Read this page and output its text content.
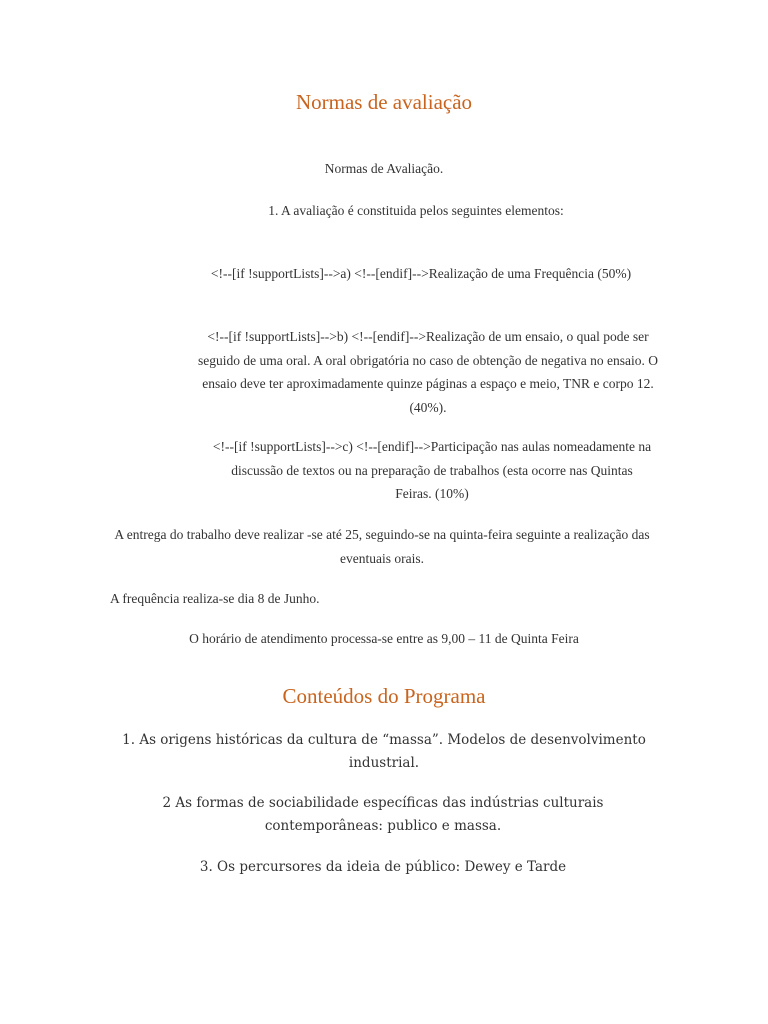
Normas de avaliação

Normas de Avaliação.

1. A avaliação é constituida pelos seguintes elementos:

<!--[if !supportLists]-->a) <!--[endif]-->Realização de uma Frequência (50%)

<!--[if !supportLists]-->b) <!--[endif]-->Realização de um ensaio, o qual pode ser seguido de uma oral. A oral obrigatória no caso de obtenção de negativa no ensaio. O ensaio deve ter aproximadamente quinze páginas a espaço e meio, TNR e corpo 12. (40%).

<!--[if !supportLists]-->c) <!--[endif]-->Participação nas aulas nomeadamente na discussão de textos ou na preparação de trabalhos (esta ocorre nas Quintas Feiras. (10%)

A entrega do trabalho deve realizar -se até 25, seguindo-se na quinta-feira seguinte a realização das eventuais orais.

A frequência realiza-se dia 8 de Junho.

O horário de atendimento processa-se entre as 9,00 – 11 de Quinta Feira

Conteúdos do Programa

1. As origens históricas da cultura de “massa”. Modelos de desenvolvimento industrial.

2 As formas de sociabilidade específicas das indústrias culturais contemporâneas: publico e massa.

3. Os percursores da ideia de público: Dewey e Tarde
